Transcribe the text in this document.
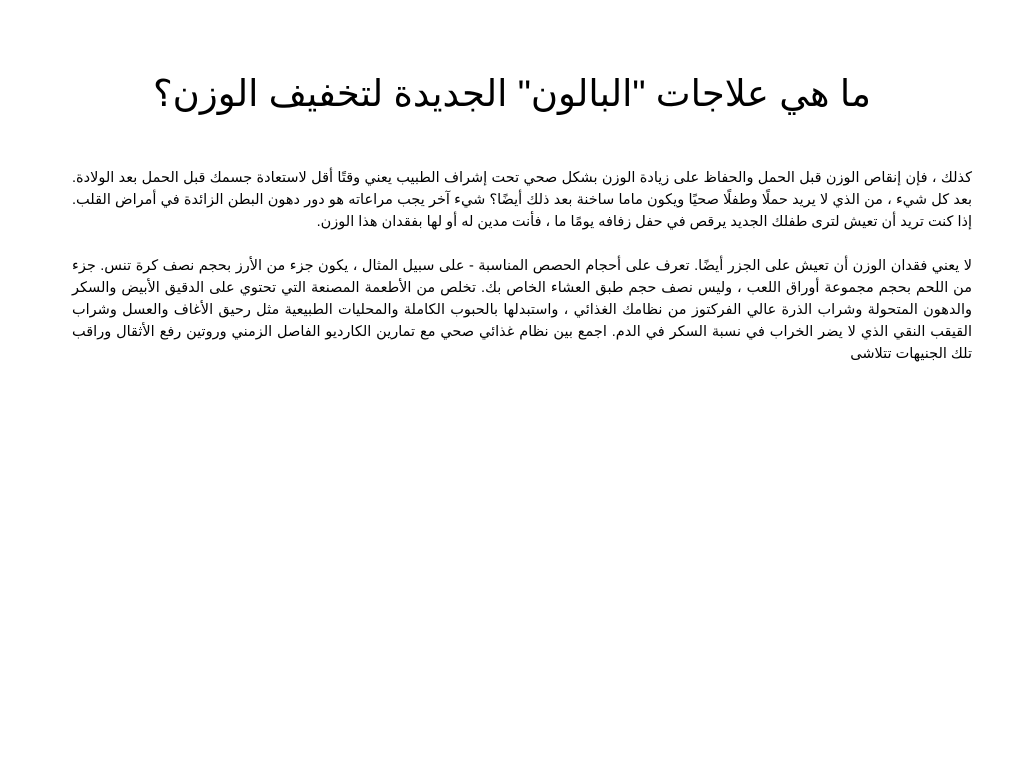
ما هي علاجات "البالون" الجديدة لتخفيف الوزن؟

كذلك ، فإن إنقاص الوزن قبل الحمل والحفاظ على زيادة الوزن بشكل صحي تحت إشراف الطبيب يعني وقتًا أقل لاستعادة جسمك قبل الحمل بعد الولادة. بعد كل شيء ، من الذي لا يريد حملًا وطفلًا صحيًا ويكون ماما ساخنة بعد ذلك أيضًا؟ شيء آخر يجب مراعاته هو دور دهون البطن الزائدة في أمراض القلب. إذا كنت تريد أن تعيش لترى طفلك الجديد يرقص في حفل زفافه يومًا ما ، فأنت مدين له أو لها بفقدان هذا الوزن.

لا يعني فقدان الوزن أن تعيش على الجزر أيضًا. تعرف على أحجام الحصص المناسبة - على سبيل المثال ، يكون جزء من الأرز بحجم نصف كرة تنس. جزء من اللحم بحجم مجموعة أوراق اللعب ، وليس نصف حجم طبق العشاء الخاص بك. تخلص من الأطعمة المصنعة التي تحتوي على الدقيق الأبيض والسكر والدهون المتحولة وشراب الذرة عالي الفركتوز من نظامك الغذائي ، واستبدلها بالحبوب الكاملة والمحليات الطبيعية مثل رحيق الأغاف والعسل وشراب القيقب النقي الذي لا يضر الخراب في نسبة السكر في الدم. اجمع بين نظام غذائي صحي مع تمارين الكارديو الفاصل الزمني وروتين رفع الأثقال وراقب تلك الجنيهات تتلاشى
